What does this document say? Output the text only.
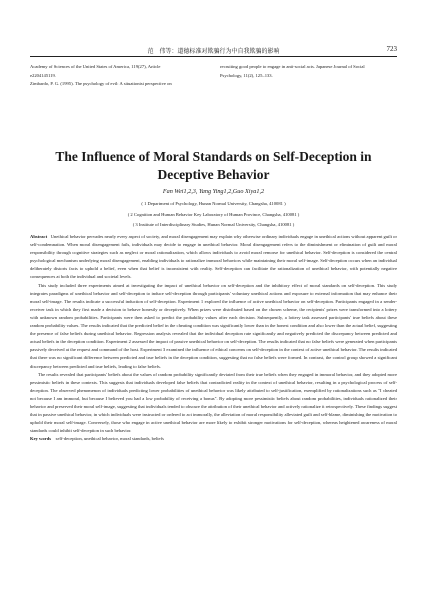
范　伟等：道德标准对欺骗行为中自我欺骗的影响	723
Academy of Sciences of the United States of America, 119(27), Article
e2204145119.
Zimbardo, P. G. (1995). The psychology of evil: A situationist perspective on
recruiting good people to engage in anti-social acts. Japanese Journal of Social
Psychology, 11(2), 125–133.
The Influence of Moral Standards on Self-Deception in
Deceptive Behavior
Fan Wei1,2,3, Yang Ying1,2,Guo Xiya1,2
( 1 Department of Psychology, Hunan Normal University, Changsha, 410081 )
( 2 Cognition and Human Behavior Key Laboratory of Human Province, Changsha, 410081 )
( 3 Institute of Interdisciplinary Studies, Hunan Normal University, Changsha, 410081 )

Abstract Unethical behavior pervades nearly every aspect of society, and moral disengagement may explain why otherwise ordinary individuals engage in unethical actions without apparent guilt or self-condemnation. When moral disengagement fails, individuals may decide to engage in unethical behavior. Moral disengagement refers to the diminishment or elimination of guilt and moral responsibility through cognitive strategies such as neglect or moral rationalization, which allows individuals to avoid moral remorse for unethical behavior. Self-deception is considered the central psychological mechanism underlying moral disengagement, enabling individuals to rationalize immoral behaviors while maintaining their moral self-image. Self-deception occurs when an individual deliberately distorts facts to uphold a belief, even when that belief is inconsistent with reality. Self-deception can facilitate the rationalization of unethical behavior, with potentially negative consequences at both the individual and societal levels.

This study included three experiments aimed at investigating the impact of unethical behavior on self-deception and the inhibitory effect of moral standards on self-deception. This study integrates paradigms of unethical behavior and self-deception to induce self-deception through participants' voluntary unethical actions and exposure to external information that may enhance their moral self-image. The results indicate a successful induction of self-deception. Experiment 1 explored the influence of active unethical behavior on self-deception. Participants engaged in a sender-receiver task in which they first made a decision to behave honestly or deceptively. When prizes were distributed based on the chosen scheme, the recipients' prizes were transformed into a lottery with unknown random probabilities. Participants were then asked to predict the probability values after each decision. Subsequently, a lottery task assessed participants' true beliefs about these random probability values. The results indicated that the predicted belief in the cheating condition was significantly lower than in the honest condition and also lower than the actual belief, suggesting the presence of false beliefs during unethical behavior. Regression analysis revealed that the individual deception rate significantly and negatively predicted the discrepancy between predicted and actual beliefs in the deception condition. Experiment 2 assessed the impact of passive unethical behavior on self-deception. The results indicated that no false beliefs were generated when participants passively deceived at the request and command of the host. Experiment 3 examined the influence of ethical concerns on self-deception in the context of active unethical behavior. The results indicated that there was no significant difference between predicted and true beliefs in the deception condition, suggesting that no false beliefs were formed. In contrast, the control group showed a significant discrepancy between predicted and true beliefs, leading to false beliefs.

The results revealed that participants' beliefs about the values of random probability significantly deviated from their true beliefs when they engaged in immoral behavior, and they adopted more pessimistic beliefs in these contexts. This suggests that individuals developed false beliefs that contradicted reality in the context of unethical behavior, resulting in a psychological process of self-deception. The observed phenomenon of individuals predicting lower probabilities of unethical behavior was likely attributed to self-justification, exemplified by rationalizations such as "I cheated not because I am immoral, but because I believed you had a low probability of receiving a bonus". By adopting more pessimistic beliefs about random probabilities, individuals rationalized their behavior and preserved their moral self-image, suggesting that individuals tended to obscure the attribution of their unethical behavior and actively rationalize it retrospectively. These findings suggest that in passive unethical behavior, in which individuals were instructed or ordered to act immorally, the alleviation of moral responsibility alleviated guilt and self-blame, diminishing the motivation to uphold their moral self-image. Conversely, those who engage in active unethical behavior are more likely to exhibit stronger motivations for self-deception, whereas heightened awareness of moral standards could inhibit self-deception in such behavior.

Key words self-deception, unethical behavior, moral standards, beliefs
